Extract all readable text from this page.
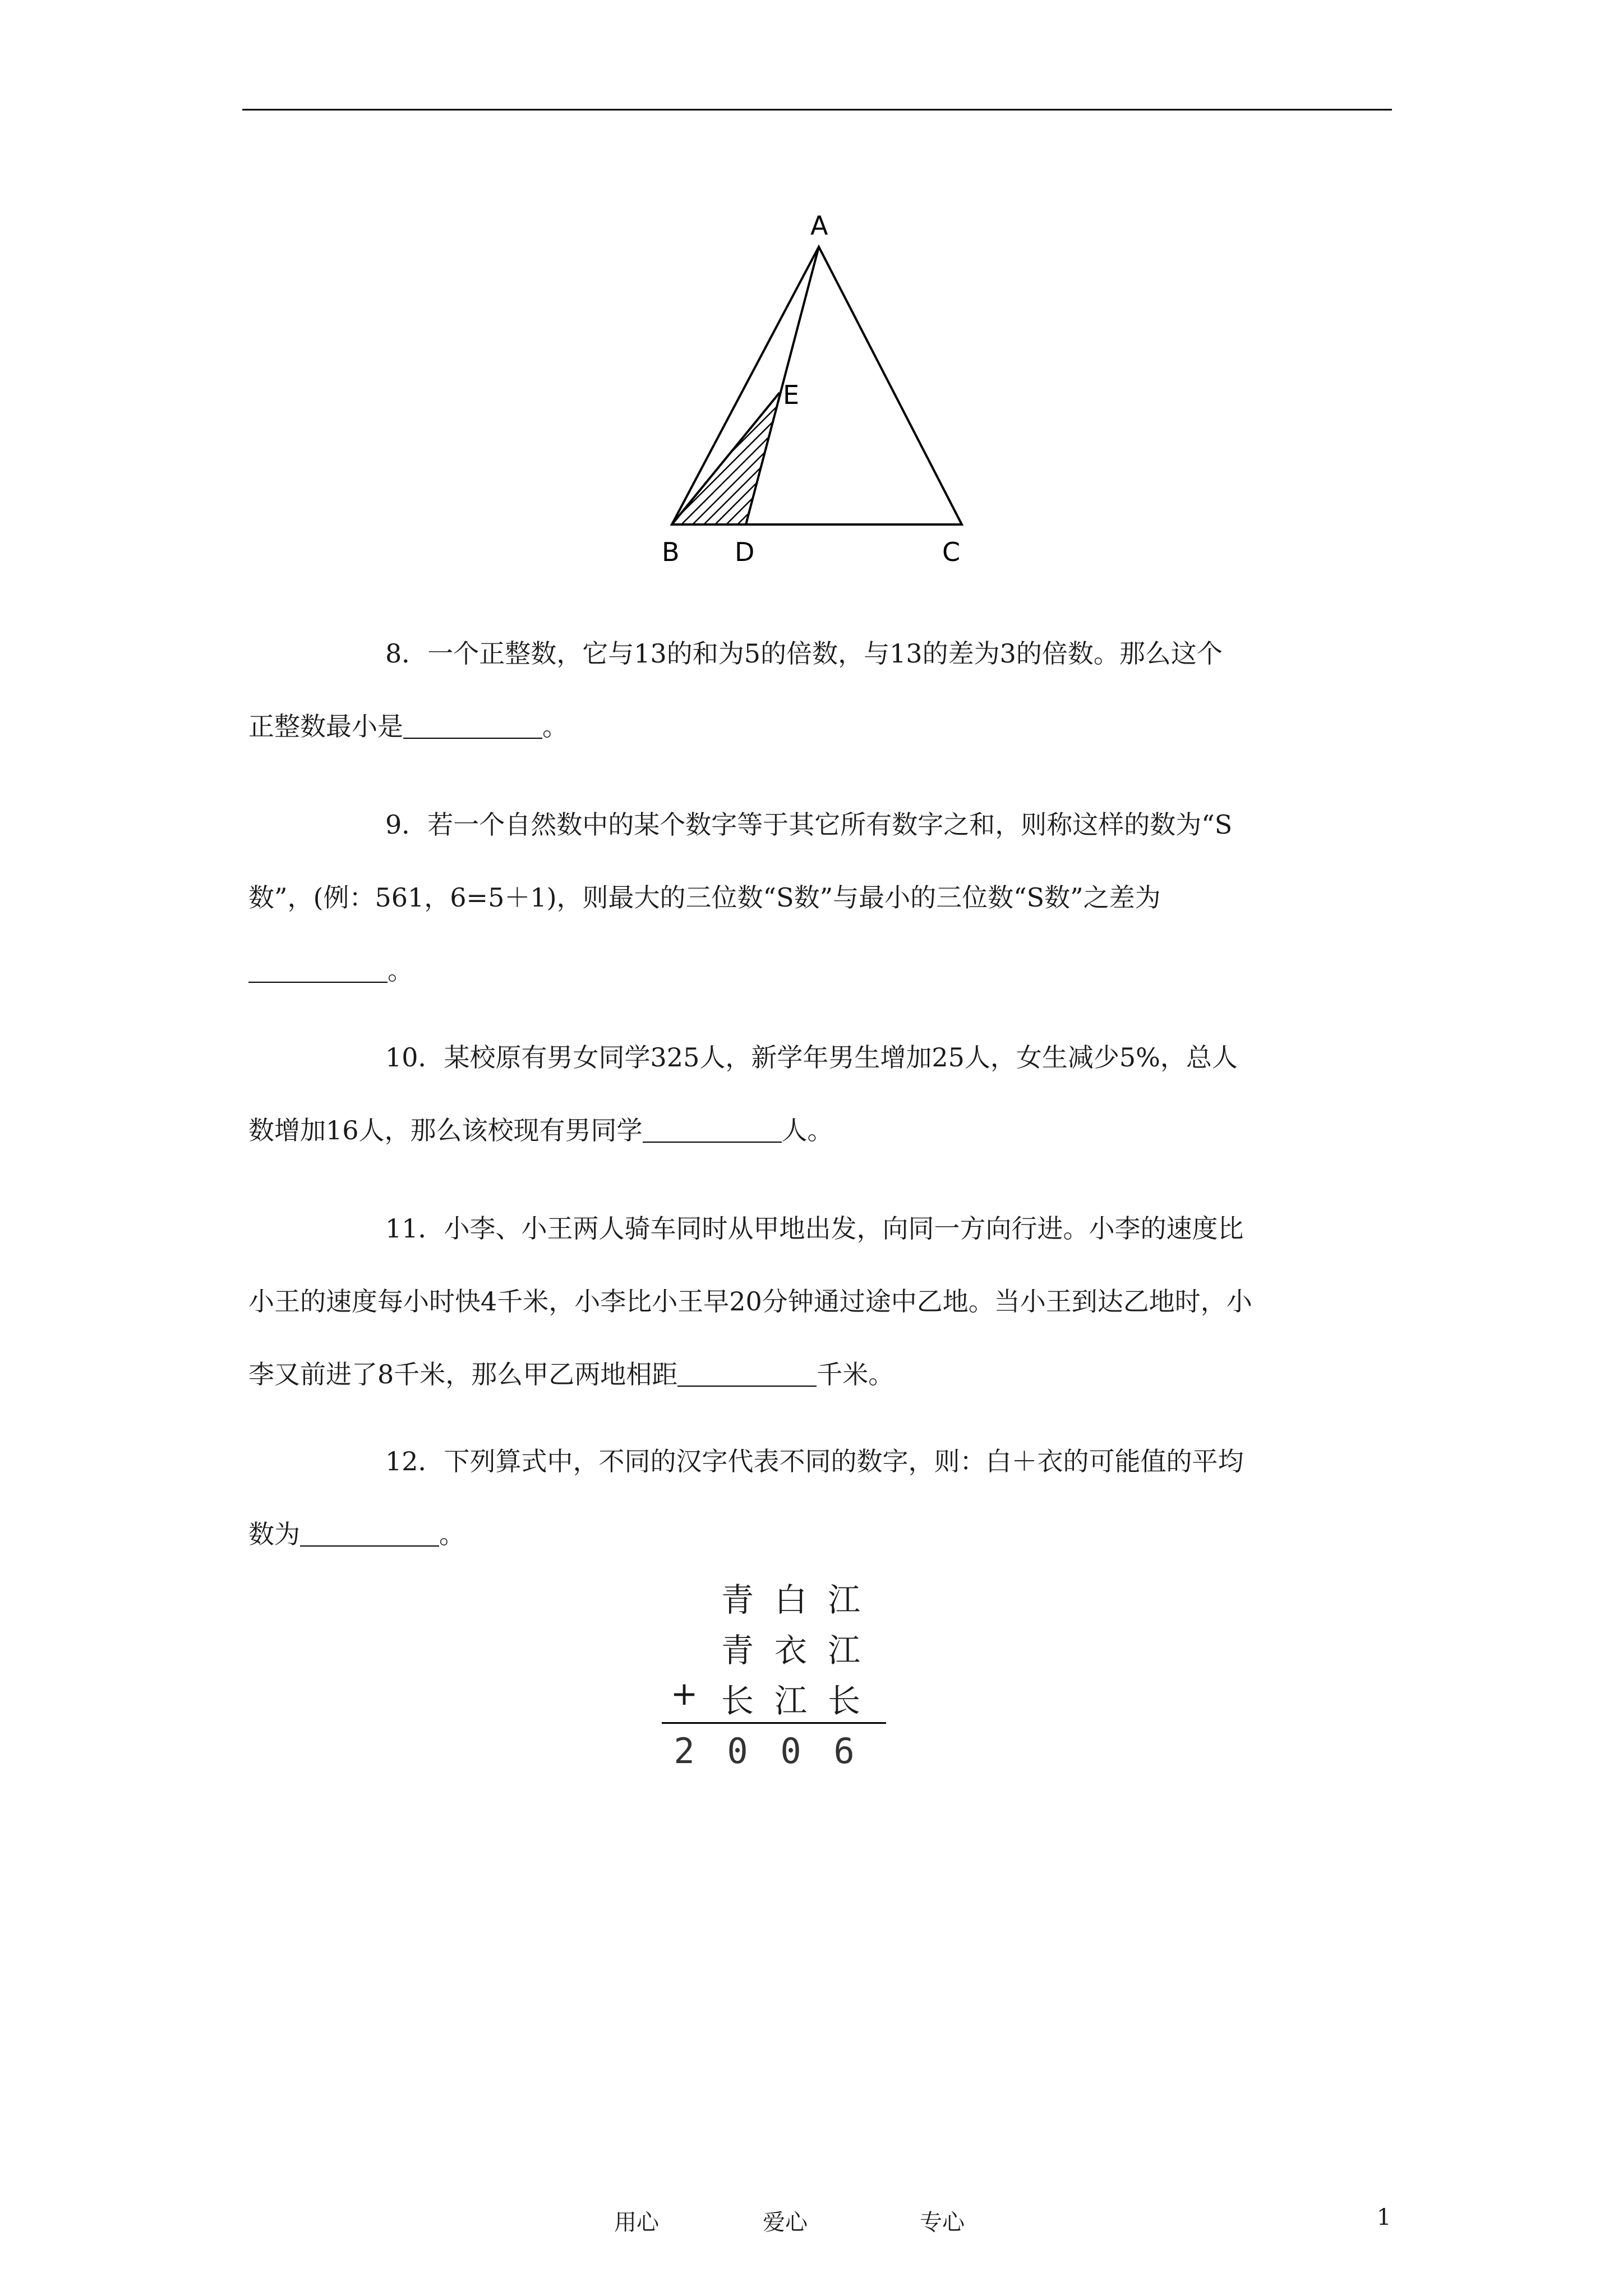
A
E
B D	C
8．一个正整数，它与13的和为5的倍数，与13的差为3的倍数。那么这个
正整数最小是	。
9．若一个自然数中的某个数字等于其它所有数字之和，则称这样的数为“S
数”，(例：561，6=5＋1)，则最大的三位数“S数”与最小的三位数“S数”之差为
。
10．某校原有男女同学325人，新学年男生增加25人，女生减少5%，总人
数增加16人，那么该校现有男同学	人。
11．小李、小王两人骑车同时从甲地出发，向同一方向行进。小李的速度比
小王的速度每小时快4千米，小李比小王早20分钟通过途中乙地。当小王到达乙地时，小
李又前进了8千米，那么甲乙两地相距	千米。
12．下列算式中，不同的汉字代表不同的数字，则：白＋衣的可能值的平均
数为	。
青 白 江
青 衣 江
+ 长 江 长
2 0 0 6
用心	爱心	专心	1
